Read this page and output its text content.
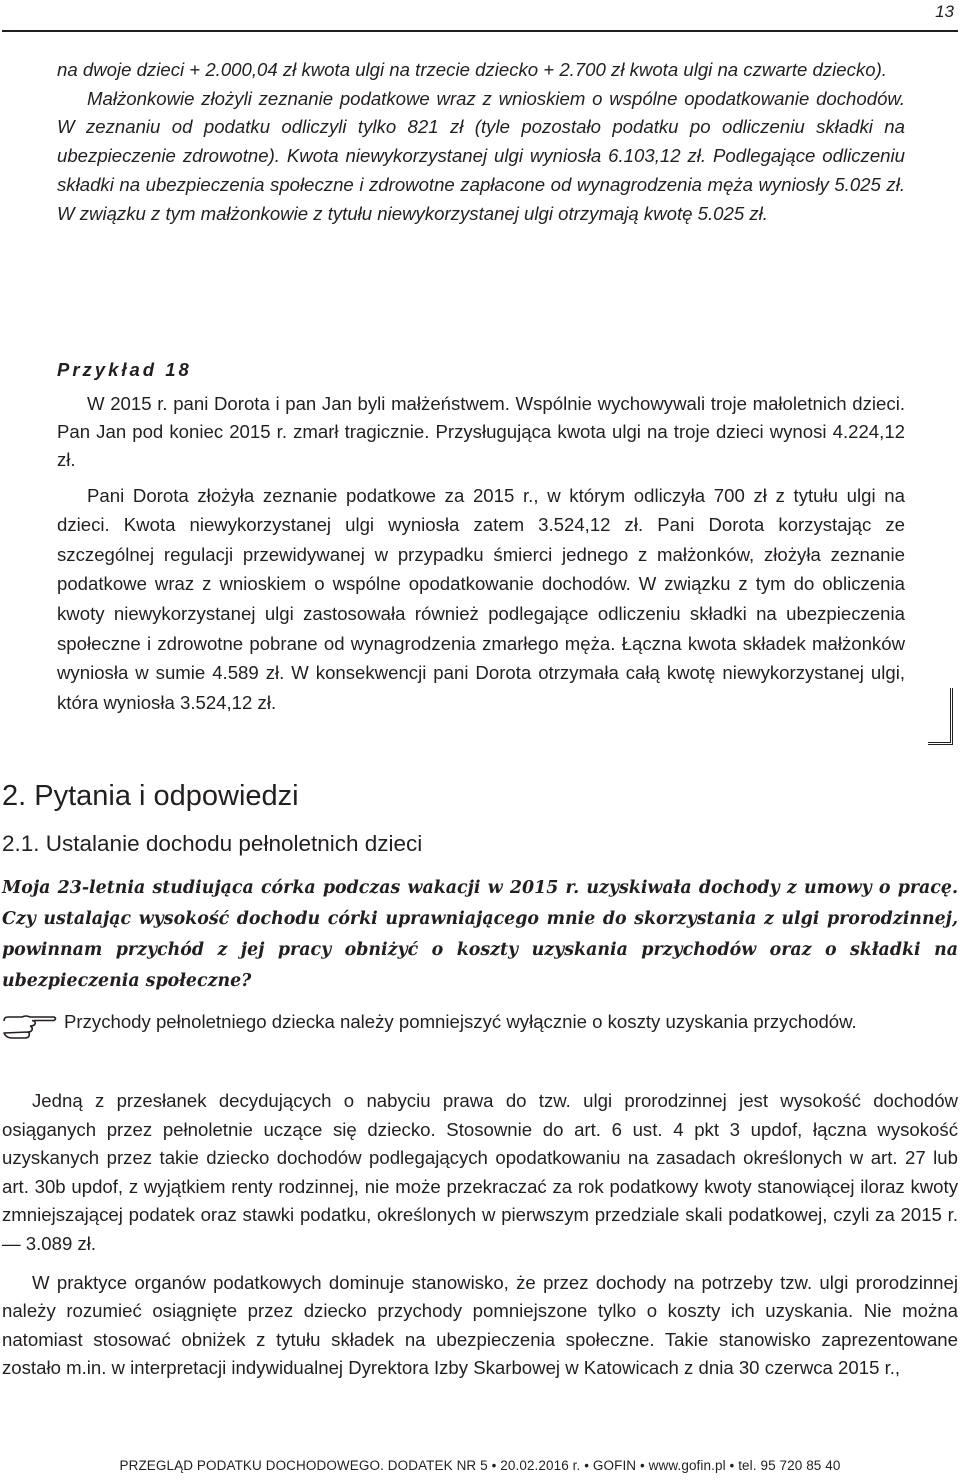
13

na dwoje dzieci + 2.000,04 zł kwota ulgi na trzecie dziecko + 2.700 zł kwota ulgi na czwarte dziecko).

Małżonkowie złożyli zeznanie podatkowe wraz z wnioskiem o wspólne opodatkowanie dochodów. W zeznaniu od podatku odliczyli tylko 821 zł (tyle pozostało podatku po odliczeniu składki na ubezpieczenie zdrowotne). Kwota niewykorzystanej ulgi wyniosła 6.103,12 zł. Podlegające odliczeniu składki na ubezpieczenia społeczne i zdrowotne zapłacone od wynagrodzenia męża wyniosły 5.025 zł. W związku z tym małżonkowie z tytułu niewykorzystanej ulgi otrzymają kwotę 5.025 zł.

Przykład 18

W 2015 r. pani Dorota i pan Jan byli małżeństwem. Wspólnie wychowywali troje małoletnich dzieci. Pan Jan pod koniec 2015 r. zmarł tragicznie. Przysługująca kwota ulgi na troje dzieci wynosi 4.224,12 zł.

Pani Dorota złożyła zeznanie podatkowe za 2015 r., w którym odliczyła 700 zł z tytułu ulgi na dzieci. Kwota niewykorzystanej ulgi wyniosła zatem 3.524,12 zł. Pani Dorota korzystając ze szczególnej regulacji przewidywanej w przypadku śmierci jednego z małżonków, złożyła zeznanie podatkowe wraz z wnioskiem o wspólne opodatkowanie dochodów. W związku z tym do obliczenia kwoty niewykorzystanej ulgi zastosowała również podlegające odliczeniu składki na ubezpieczenia społeczne i zdrowotne pobrane od wynagrodzenia zmarłego męża. Łączna kwota składek małżonków wyniosła w sumie 4.589 zł. W konsekwencji pani Dorota otrzymała całą kwotę niewykorzystanej ulgi, która wyniosła 3.524,12 zł.

2. Pytania i odpowiedzi
2.1. Ustalanie dochodu pełnoletnich dzieci

Moja 23-letnia studiująca córka podczas wakacji w 2015 r. uzyskiwała dochody z umowy o pracę. Czy ustalając wysokość dochodu córki uprawniającego mnie do skorzystania z ulgi prorodzinnej, powinnam przychód z jej pracy obniżyć o koszty uzyskania przychodów oraz o składki na ubezpieczenia społeczne?

Przychody pełnoletniego dziecka należy pomniejszyć wyłącznie o koszty uzyskania przychodów.

Jedną z przesłanek decydujących o nabyciu prawa do tzw. ulgi prorodzinnej jest wysokość dochodów osiąganych przez pełnoletnie uczące się dziecko. Stosownie do art. 6 ust. 4 pkt 3 updof, łączna wysokość uzyskanych przez takie dziecko dochodów podlegających opodatkowaniu na zasadach określonych w art. 27 lub art. 30b updof, z wyjątkiem renty rodzinnej, nie może przekraczać za rok podatkowy kwoty stanowiącej iloraz kwoty zmniejszającej podatek oraz stawki podatku, określonych w pierwszym przedziale skali podatkowej, czyli za 2015 r. — 3.089 zł.

W praktyce organów podatkowych dominuje stanowisko, że przez dochody na potrzeby tzw. ulgi prorodzinnej należy rozumieć osiągnięte przez dziecko przychody pomniejszone tylko o koszty ich uzyskania. Nie można natomiast stosować obniżek z tytułu składek na ubezpieczenia społeczne. Takie stanowisko zaprezentowane zostało m.in. w interpretacji indywidualnej Dyrektora Izby Skarbowej w Katowicach z dnia 30 czerwca 2015 r.,

PRZEGLĄD PODATKU DOCHODOWEGO. DODATEK NR 5 • 20.02.2016 r. • GOFIN • www.gofin.pl • tel. 95 720 85 40
